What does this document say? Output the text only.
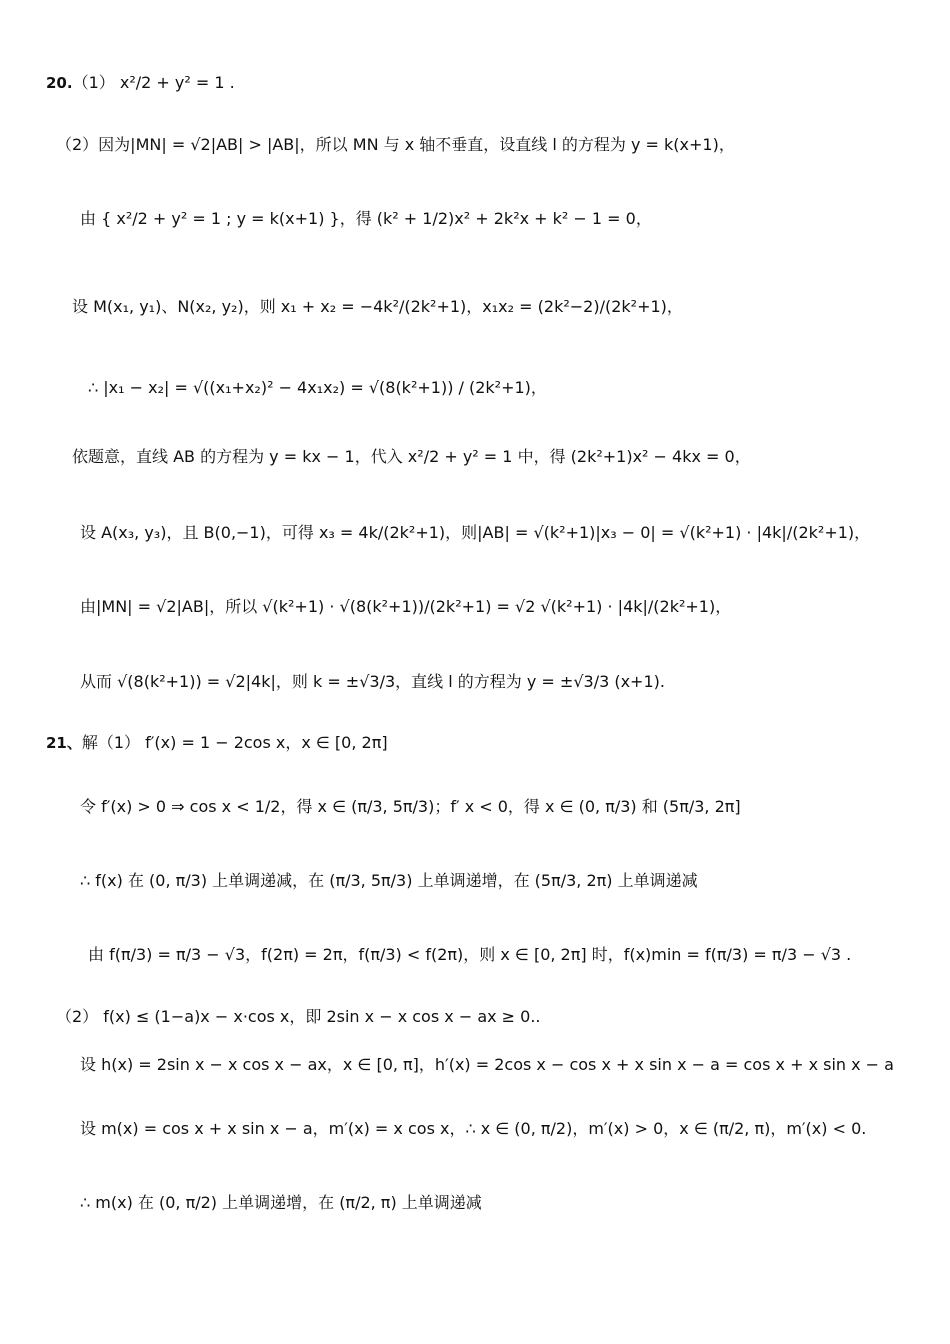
20.（1） x²/2 + y² = 1 .
（2）因为|MN| = √2|AB| > |AB|，所以 MN 与 x 轴不垂直，设直线 l 的方程为 y = k(x+1)，
由 { x²/2 + y² = 1 ; y = k(x+1) }，得 (k² + 1/2)x² + 2k²x + k² − 1 = 0，
设 M(x₁, y₁)、N(x₂, y₂)，则 x₁ + x₂ = −4k²/(2k²+1)，x₁x₂ = (2k²−2)/(2k²+1)，
∴ |x₁ − x₂| = √((x₁+x₂)² − 4x₁x₂) = √(8(k²+1)) / (2k²+1)，
依题意，直线 AB 的方程为 y = kx − 1，代入 x²/2 + y² = 1 中，得 (2k²+1)x² − 4kx = 0，
设 A(x₃, y₃)，且 B(0,−1)，可得 x₃ = 4k/(2k²+1)，则|AB| = √(k²+1)|x₃ − 0| = √(k²+1) · |4k|/(2k²+1)，
由|MN| = √2|AB|，所以 √(k²+1) · √(8(k²+1))/(2k²+1) = √2 √(k²+1) · |4k|/(2k²+1)，
从而 √(8(k²+1)) = √2|4k|，则 k = ±√3/3，直线 l 的方程为 y = ±√3/3 (x+1).
21、解（1） f′(x) = 1 − 2cos x，x ∈ [0, 2π]
令 f′(x) > 0 ⇒ cos x < 1/2，得 x ∈ (π/3, 5π/3)；f′ x < 0，得 x ∈ (0, π/3) 和 (5π/3, 2π]
∴ f(x) 在 (0, π/3) 上单调递减，在 (π/3, 5π/3) 上单调递增，在 (5π/3, 2π) 上单调递减
由 f(π/3) = π/3 − √3，f(2π) = 2π，f(π/3) < f(2π)，则 x ∈ [0, 2π] 时，f(x)min = f(π/3) = π/3 − √3 .
（2） f(x) ≤ (1−a)x − x·cos x，即 2sin x − x cos x − ax ≥ 0..
设 h(x) = 2sin x − x cos x − ax，x ∈ [0, π]，h′(x) = 2cos x − cos x + x sin x − a = cos x + x sin x − a
设 m(x) = cos x + x sin x − a，m′(x) = x cos x，∴ x ∈ (0, π/2)，m′(x) > 0，x ∈ (π/2, π)，m′(x) < 0.
∴ m(x) 在 (0, π/2) 上单调递增，在 (π/2, π) 上单调递减
